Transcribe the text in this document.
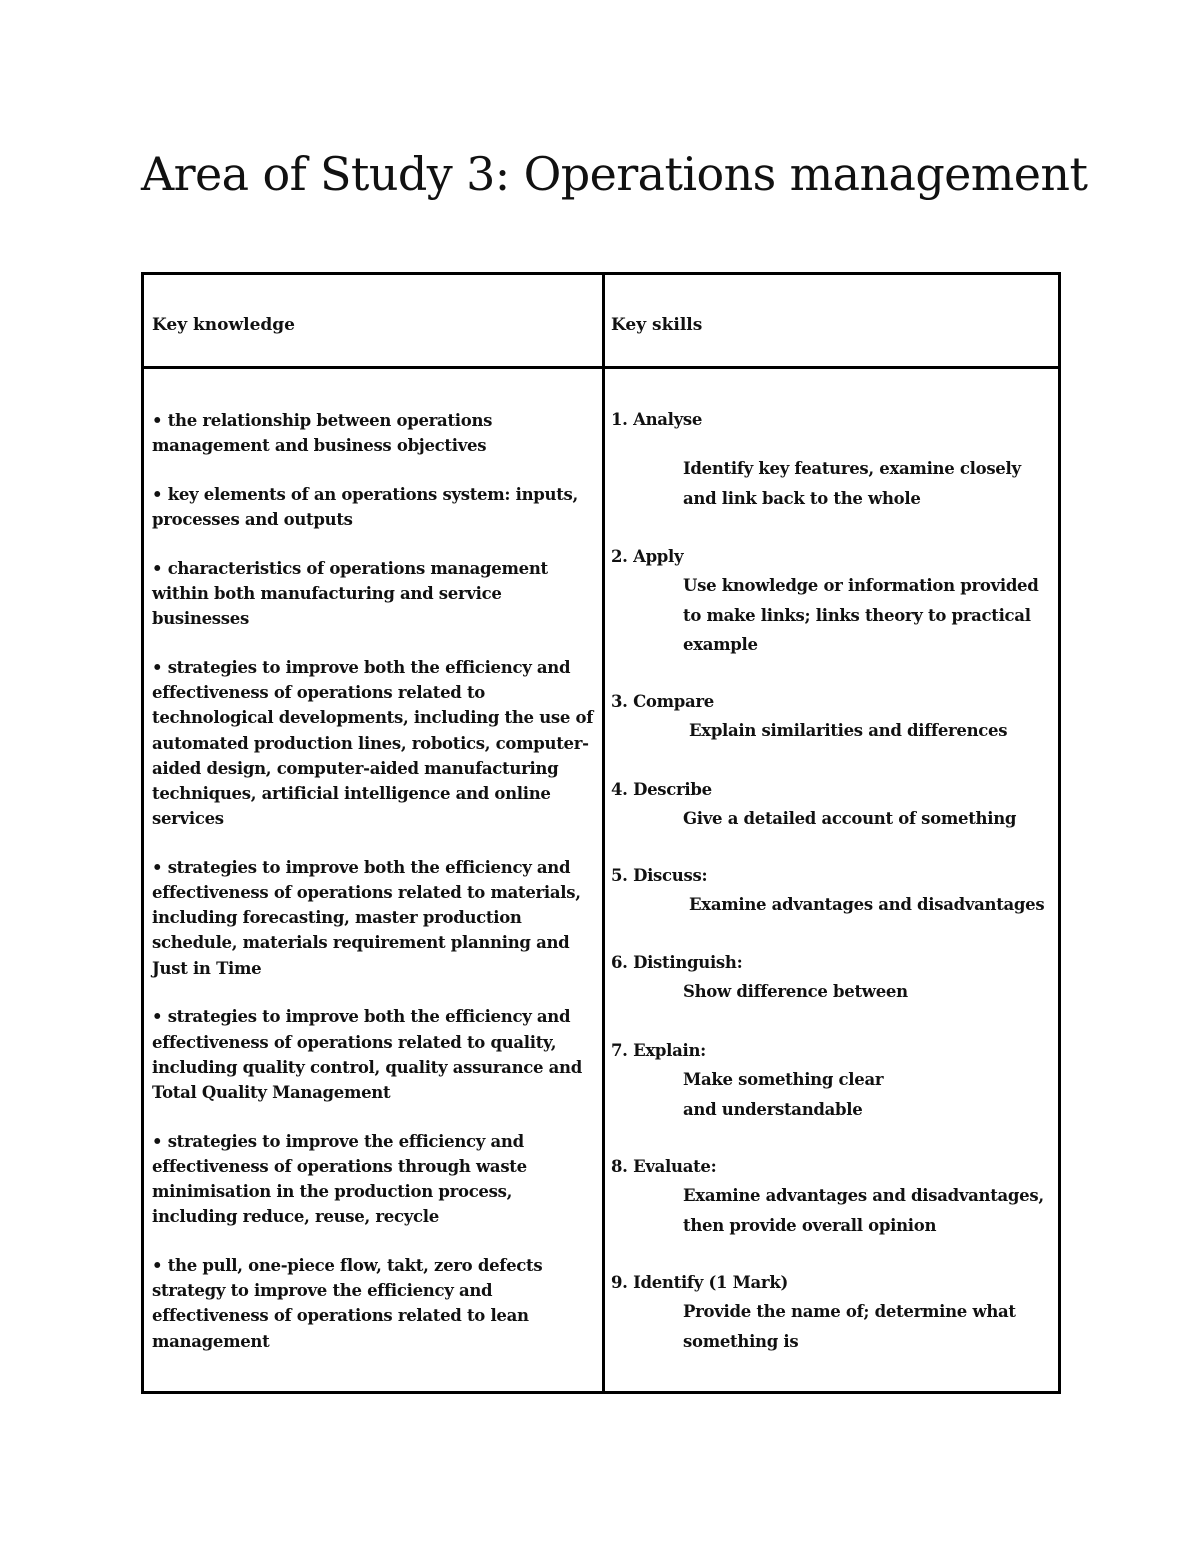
Area of Study 3: Operations management
Key knowledge	Key skills

• the relationship between operations management and business objectives

• key elements of an operations system: inputs, processes and outputs

• characteristics of operations management within both manufacturing and service businesses

• strategies to improve both the efficiency and effectiveness of operations related to technological developments, including the use of automated production lines, robotics, computer-aided design, computer-aided manufacturing techniques, artificial intelligence and online services

• strategies to improve both the efficiency and effectiveness of operations related to materials, including forecasting, master production schedule, materials requirement planning and Just in Time

• strategies to improve both the efficiency and effectiveness of operations related to quality, including quality control, quality assurance and Total Quality Management

• strategies to improve the efficiency and effectiveness of operations through waste minimisation in the production process, including reduce, reuse, recycle

• the pull, one-piece flow, takt, zero defects strategy to improve the efficiency and effectiveness of operations related to lean management

1. Analyse
Identify key features, examine closely and link back to the whole
2. Apply
Use knowledge or information provided to make links; links theory to practical example
3. Compare
Explain similarities and differences
4. Describe
Give a detailed account of something
5. Discuss:
Examine advantages and disadvantages
6. Distinguish:
Show difference between
7. Explain:
Make something clear and understandable
8. Evaluate:
Examine advantages and disadvantages, then provide overall opinion
9. Identify (1 Mark)
Provide the name of; determine what something is
